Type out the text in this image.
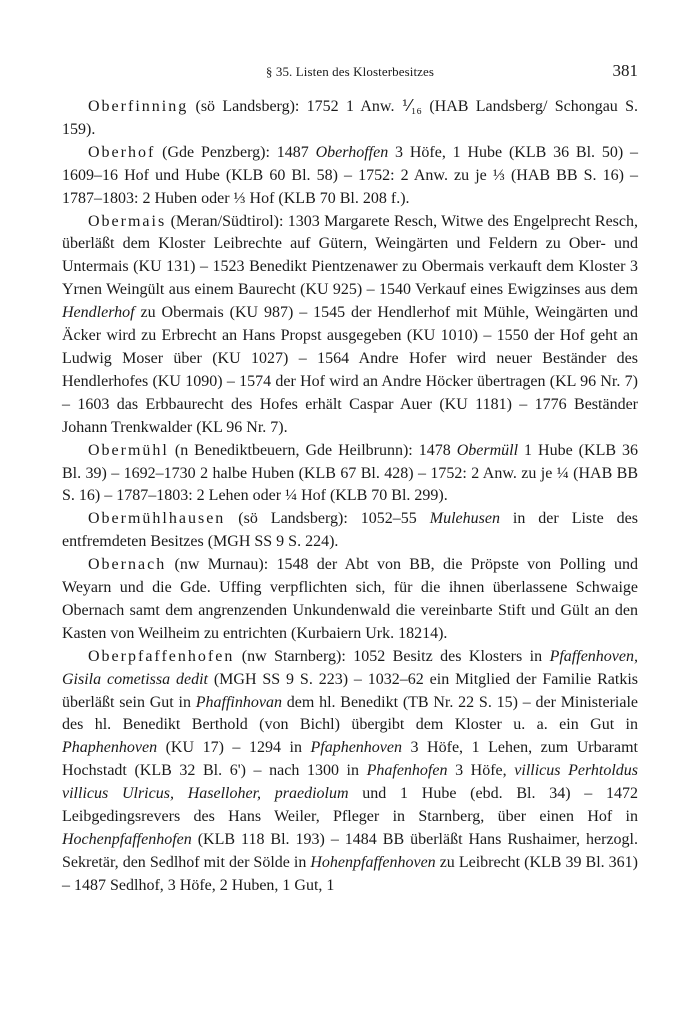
§ 35. Listen des Klosterbesitzes	381

Oberfinning (sö Landsberg): 1752 1 Anw. ⅟₁₆ (HAB Landsberg/ Schongau S. 159).

Oberhof (Gde Penzberg): 1487 Oberhoffen 3 Höfe, 1 Hube (KLB 36 Bl. 50) – 1609–16 Hof und Hube (KLB 60 Bl. 58) – 1752: 2 Anw. zu je ⅓ (HAB BB S. 16) – 1787–1803: 2 Huben oder ⅓ Hof (KLB 70 Bl. 208 f.).

Obermais (Meran/Südtirol): 1303 Margarete Resch, Witwe des Engelprecht Resch, überläßt dem Kloster Leibrechte auf Gütern, Weingärten und Feldern zu Ober- und Untermais (KU 131) – 1523 Benedikt Pientzenawer zu Obermais verkauft dem Kloster 3 Yrnen Weingült aus einem Baurecht (KU 925) – 1540 Verkauf eines Ewigzinses aus dem Hendlerhof zu Obermais (KU 987) – 1545 der Hendlerhof mit Mühle, Weingärten und Äcker wird zu Erbrecht an Hans Propst ausgegeben (KU 1010) – 1550 der Hof geht an Ludwig Moser über (KU 1027) – 1564 Andre Hofer wird neuer Beständer des Hendlerhofes (KU 1090) – 1574 der Hof wird an Andre Höcker übertragen (KL 96 Nr. 7) – 1603 das Erbbaurecht des Hofes erhält Caspar Auer (KU 1181) – 1776 Beständer Johann Trenkwalder (KL 96 Nr. 7).

Obermühl (n Benediktbeuern, Gde Heilbrunn): 1478 Obermüll 1 Hube (KLB 36 Bl. 39) – 1692–1730 2 halbe Huben (KLB 67 Bl. 428) – 1752: 2 Anw. zu je ¼ (HAB BB S. 16) – 1787–1803: 2 Lehen oder ¼ Hof (KLB 70 Bl. 299).

Obermühlhausen (sö Landsberg): 1052–55 Mulehusen in der Liste des entfremdeten Besitzes (MGH SS 9 S. 224).

Obernach (nw Murnau): 1548 der Abt von BB, die Pröpste von Polling und Weyarn und die Gde. Uffing verpflichten sich, für die ihnen überlassene Schwaige Obernach samt dem angrenzenden Unkundenwald die vereinbarte Stift und Gült an den Kasten von Weilheim zu entrichten (Kurbaiern Urk. 18214).

Oberpfaffenhofen (nw Starnberg): 1052 Besitz des Klosters in Pfaffenhoven, Gisila cometissa dedit (MGH SS 9 S. 223) – 1032–62 ein Mitglied der Familie Ratkis überläßt sein Gut in Phaffinhovan dem hl. Benedikt (TB Nr. 22 S. 15) – der Ministeriale des hl. Benedikt Berthold (von Bichl) übergibt dem Kloster u. a. ein Gut in Phaphenhoven (KU 17) – 1294 in Pfaphenhoven 3 Höfe, 1 Lehen, zum Urbaramt Hochstadt (KLB 32 Bl. 6') – nach 1300 in Phafenhofen 3 Höfe, villicus Perhtoldus villicus Ulricus, Haselloher, praediolum und 1 Hube (ebd. Bl. 34) – 1472 Leibgedingsrevers des Hans Weiler, Pfleger in Starnberg, über einen Hof in Hochenpfaffenhofen (KLB 118 Bl. 193) – 1484 BB überläßt Hans Rushaimer, herzogl. Sekretär, den Sedlhof mit der Sölde in Hohenpfaffenhoven zu Leibrecht (KLB 39 Bl. 361) – 1487 Sedlhof, 3 Höfe, 2 Huben, 1 Gut, 1
